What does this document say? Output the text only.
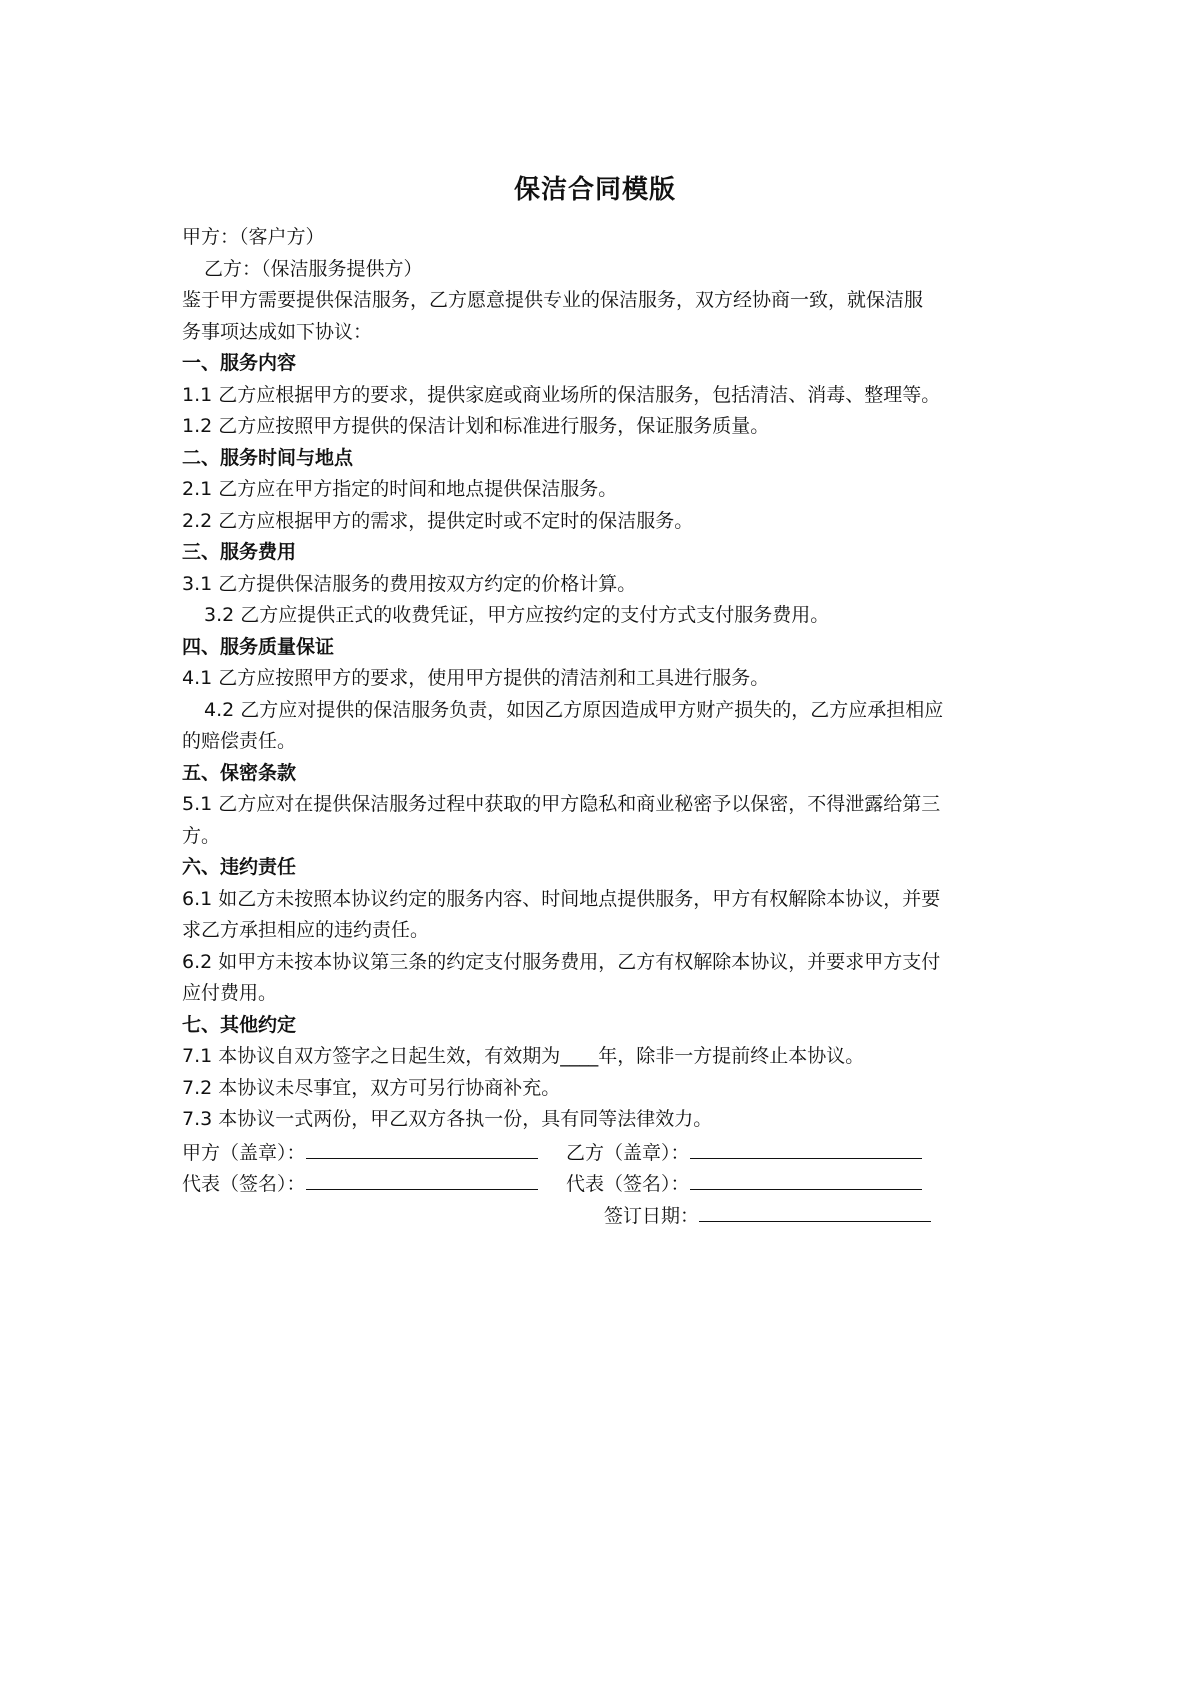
保洁合同模版
甲方：（客户方）
乙方：（保洁服务提供方）
鉴于甲方需要提供保洁服务，乙方愿意提供专业的保洁服务，双方经协商一致，就保洁服
务事项达成如下协议：
一、服务内容
1.1 乙方应根据甲方的要求，提供家庭或商业场所的保洁服务，包括清洁、消毒、整理等。
1.2 乙方应按照甲方提供的保洁计划和标准进行服务，保证服务质量。
二、服务时间与地点
2.1 乙方应在甲方指定的时间和地点提供保洁服务。
2.2 乙方应根据甲方的需求，提供定时或不定时的保洁服务。
三、服务费用
3.1 乙方提供保洁服务的费用按双方约定的价格计算。
3.2 乙方应提供正式的收费凭证，甲方应按约定的支付方式支付服务费用。
四、服务质量保证
4.1 乙方应按照甲方的要求，使用甲方提供的清洁剂和工具进行服务。
4.2 乙方应对提供的保洁服务负责，如因乙方原因造成甲方财产损失的，乙方应承担相应
的赔偿责任。
五、保密条款
5.1 乙方应对在提供保洁服务过程中获取的甲方隐私和商业秘密予以保密，不得泄露给第三
方。
六、违约责任
6.1 如乙方未按照本协议约定的服务内容、时间地点提供服务，甲方有权解除本协议，并要
求乙方承担相应的违约责任。
6.2 如甲方未按本协议第三条的约定支付服务费用，乙方有权解除本协议，并要求甲方支付
应付费用。
七、其他约定
7.1 本协议自双方签字之日起生效，有效期为____年，除非一方提前终止本协议。
7.2 本协议未尽事宜，双方可另行协商补充。
7.3 本协议一式两份，甲乙双方各执一份，具有同等法律效力。
甲方（盖章）：	乙方（盖章）：
代表（签名）：	代表（签名）：
签订日期：
